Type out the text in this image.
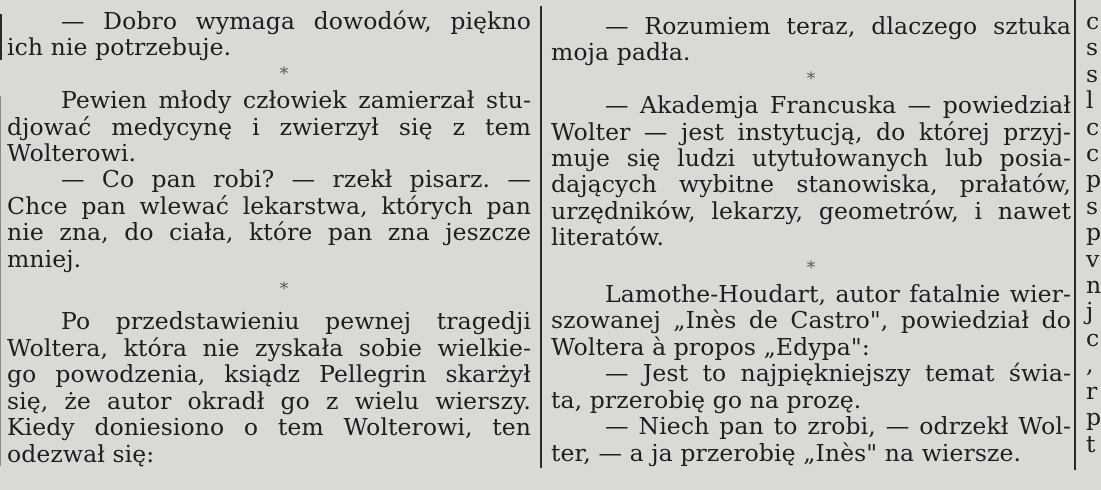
— Dobro wymaga dowodów, piękno

ich nie potrzebuje.

*

Pewien młody człowiek zamierzał stu-

djować medycynę i zwierzył się z tem

Wolterowi.

— Co pan robi? — rzekł pisarz. —

Chce pan wlewać lekarstwa, których pan

nie zna, do ciała, które pan zna jeszcze

mniej.

*

Po przedstawieniu pewnej tragedji

Woltera, która nie zyskała sobie wielkie-

go powodzenia, ksiądz Pellegrin skarżył

się, że autor okradł go z wielu wierszy.

Kiedy doniesiono o tem Wolterowi, ten

odezwał się:

— Rozumiem teraz, dlaczego sztuka

moja padła.

*

— Akademja Francuska — powiedział

Wolter — jest instytucją, do której przyj-

muje się ludzi utytułowanych lub posia-

dających wybitne stanowiska, prałatów,

urzędników, lekarzy, geometrów, i nawet

literatów.

*

Lamothe-Houdart, autor fatalnie wier-

szowanej „Inès de Castro", powiedział do

Woltera à propos „Edypa":

— Jest to najpiękniejszy temat świa-

ta, przerobię go na prozę.

— Niech pan to zrobi, — odrzekł Wol-

ter, — a ja przerobię „Inès" na wiersze.

c
s
s
l
c
c
p
s
p
v
n
j
c
,
r
p
t
